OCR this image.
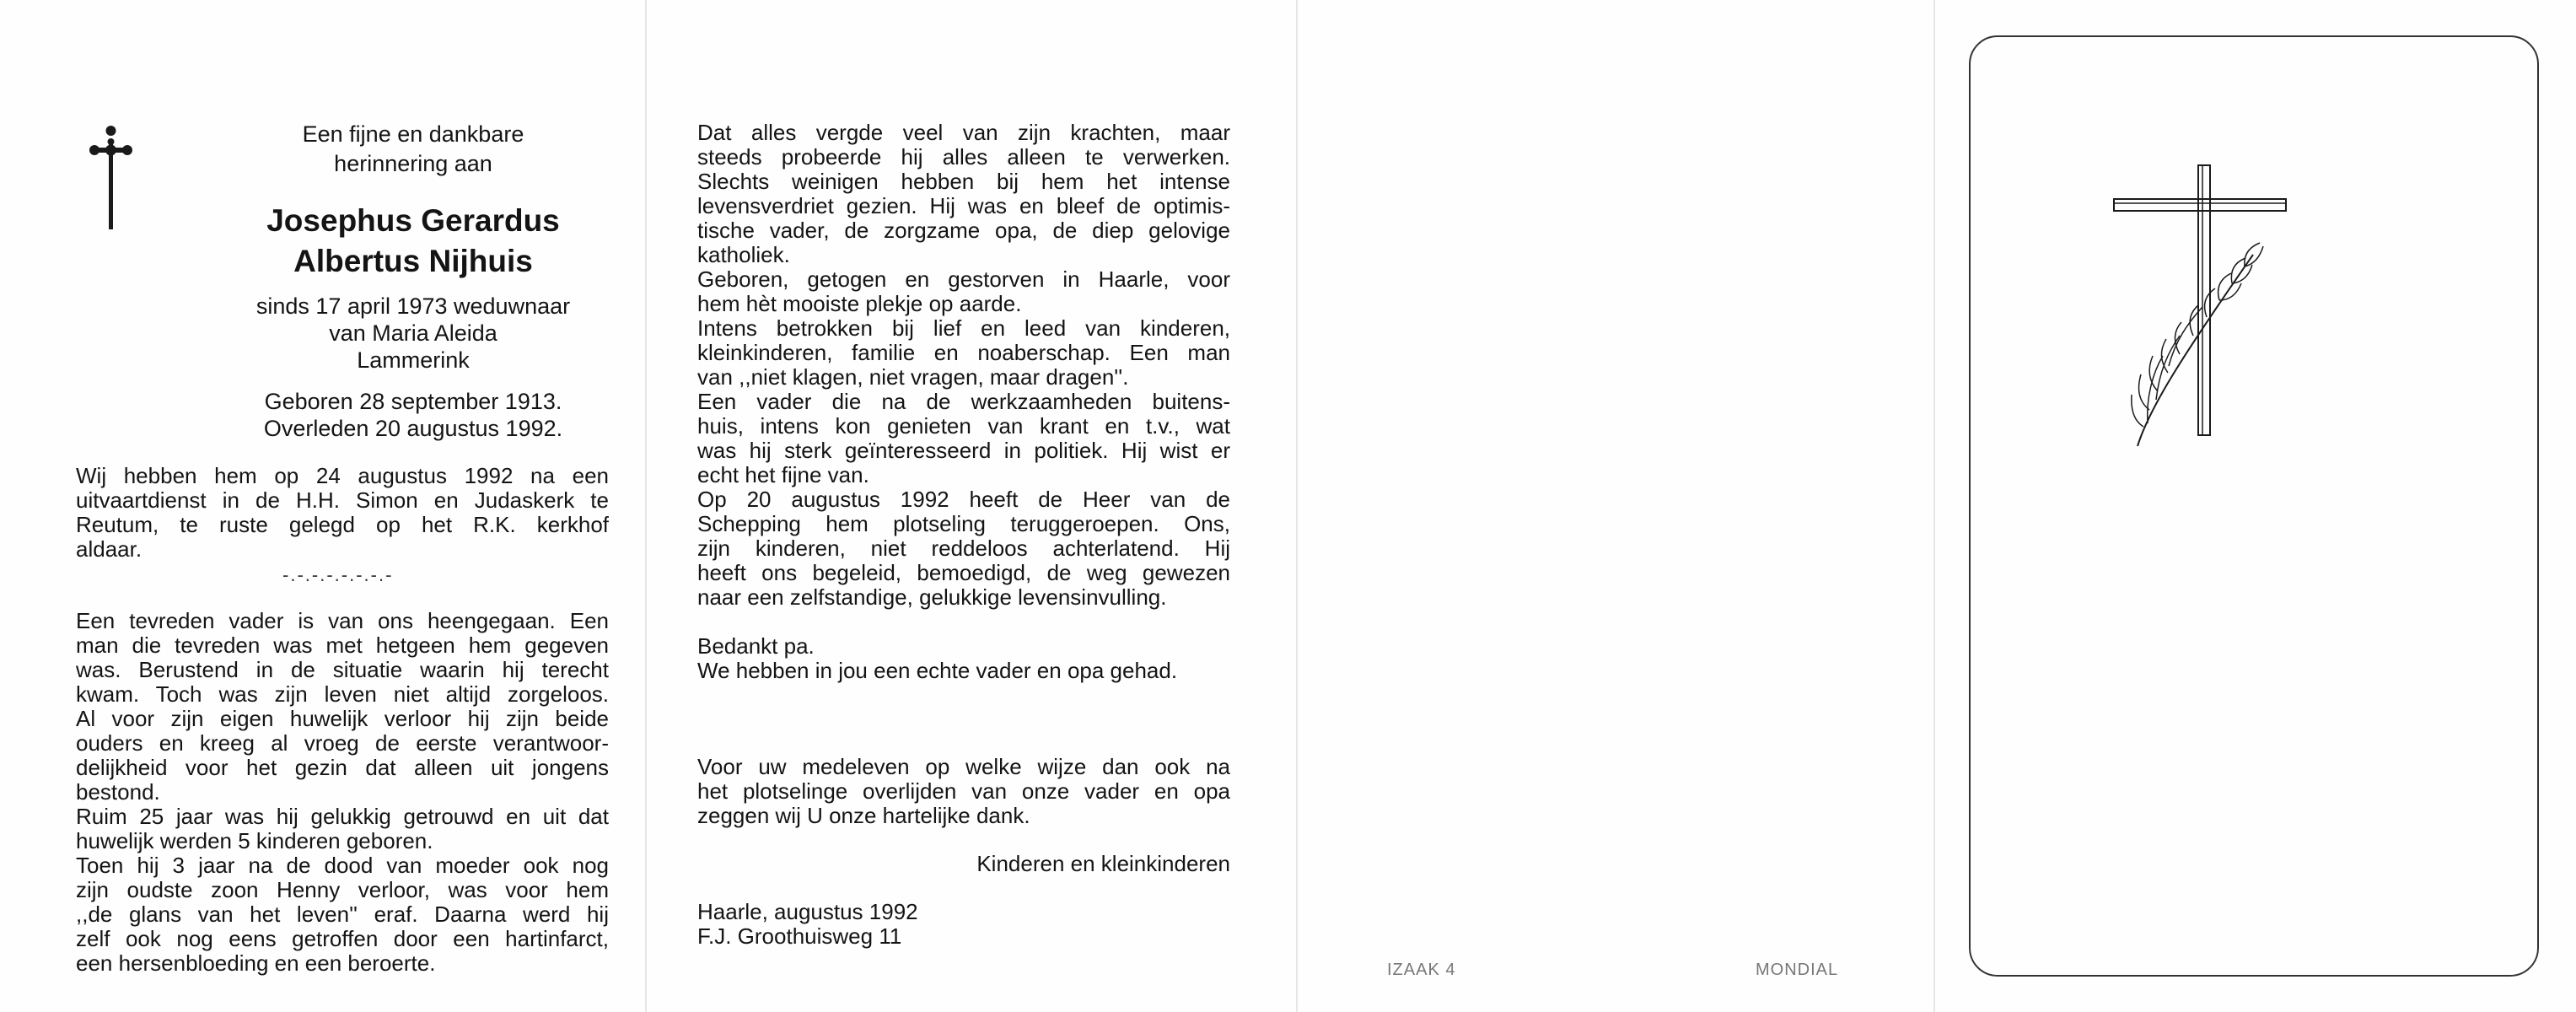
Een fijne en dankbare
herinnering aan
Josephus Gerardus
Albertus Nijhuis
sinds 17 april 1973 weduwnaar
van Maria Aleida
Lammerink
Geboren 28 september 1913.
Overleden 20 augustus 1992.
Wij hebben hem op 24 augustus 1992 na een
uitvaartdienst in de H.H. Simon en Judaskerk te
Reutum, te ruste gelegd op het R.K. kerkhof
aldaar.
-.-.-.-.-.-.-.-
Een tevreden vader is van ons heengegaan. Een
man die tevreden was met hetgeen hem gegeven
was. Berustend in de situatie waarin hij terecht
kwam. Toch was zijn leven niet altijd zorgeloos.
Al voor zijn eigen huwelijk verloor hij zijn beide
ouders en kreeg al vroeg de eerste verantwoor-
delijkheid voor het gezin dat alleen uit jongens
bestond.
Ruim 25 jaar was hij gelukkig getrouwd en uit dat
huwelijk werden 5 kinderen geboren.
Toen hij 3 jaar na de dood van moeder ook nog
zijn oudste zoon Henny verloor, was voor hem
,,de glans van het leven'' eraf. Daarna werd hij
zelf ook nog eens getroffen door een hartinfarct,
een hersenbloeding en een beroerte.
Dat alles vergde veel van zijn krachten, maar
steeds probeerde hij alles alleen te verwerken.
Slechts weinigen hebben bij hem het intense
levensverdriet gezien. Hij was en bleef de optimis-
tische vader, de zorgzame opa, de diep gelovige
katholiek.
Geboren, getogen en gestorven in Haarle, voor
hem hèt mooiste plekje op aarde.
Intens betrokken bij lief en leed van kinderen,
kleinkinderen, familie en noaberschap. Een man
van ,,niet klagen, niet vragen, maar dragen''.
Een vader die na de werkzaamheden buitens-
huis, intens kon genieten van krant en t.v., wat
was hij sterk geïnteresseerd in politiek. Hij wist er
echt het fijne van.
Op 20 augustus 1992 heeft de Heer van de
Schepping hem plotseling teruggeroepen. Ons,
zijn kinderen, niet reddeloos achterlatend. Hij
heeft ons begeleid, bemoedigd, de weg gewezen
naar een zelfstandige, gelukkige levensinvulling.
Bedankt pa.
We hebben in jou een echte vader en opa gehad.
Voor uw medeleven op welke wijze dan ook na
het plotselinge overlijden van onze vader en opa
zeggen wij U onze hartelijke dank.
Kinderen en kleinkinderen
Haarle, augustus 1992
F.J. Groothuisweg 11
IZAAK 4	MONDIAL
